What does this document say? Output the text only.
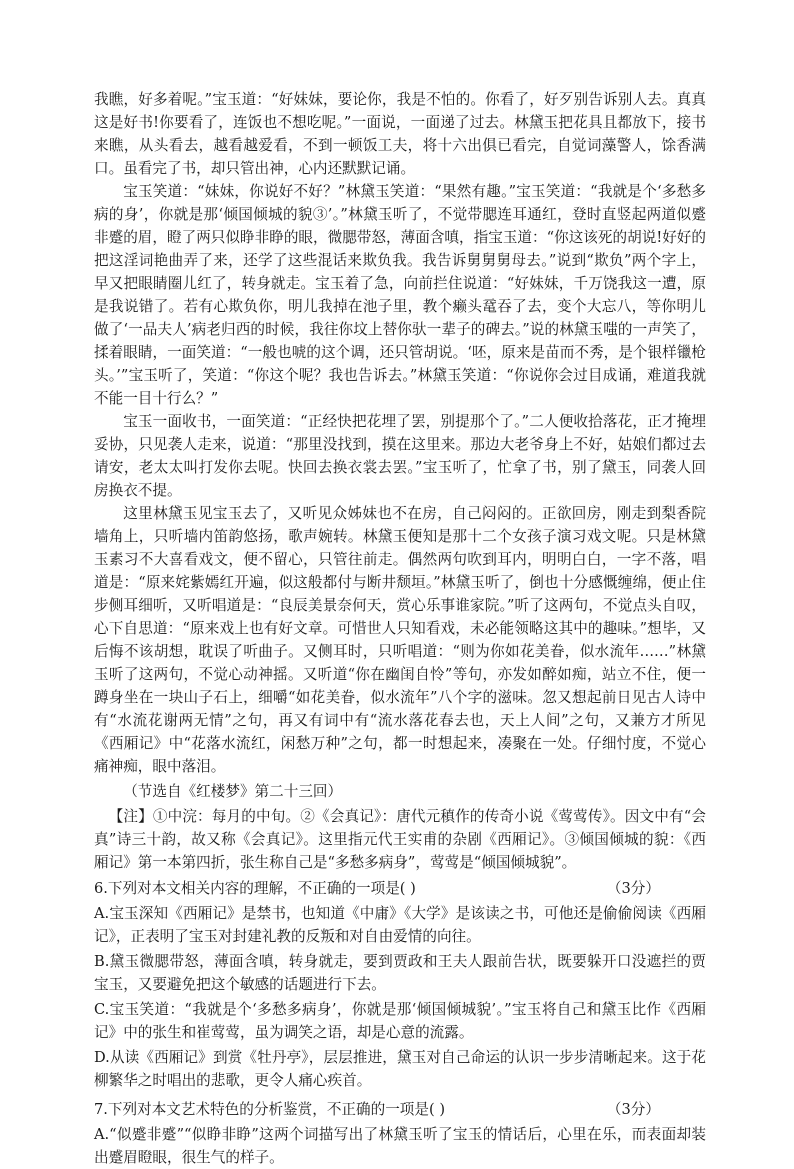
我瞧，好多着呢。”宝玉道：“好妹妹，要论你，我是不怕的。你看了，好歹别告诉别人去。真真这是好书!你要看了，连饭也不想吃呢。”一面说，一面递了过去。林黛玉把花具且都放下，接书来瞧，从头看去，越看越爱看，不到一顿饭工夫，将十六出俱已看完，自觉词藻警人，馀香满口。虽看完了书，却只管出神，心内还默默记诵。

宝玉笑道：“妹妹，你说好不好？”林黛玉笑道：“果然有趣。”宝玉笑道：“我就是个‘多愁多病的身’，你就是那‘倾国倾城的貌③’。”林黛玉听了，不觉带腮连耳通红，登时直竖起两道似蹙非蹙的眉，瞪了两只似睁非睁的眼，微腮带怒，薄面含嗔，指宝玉道：“你这该死的胡说!好好的把这淫词艳曲弄了来，还学了这些混话来欺负我。我告诉舅舅舅母去。”说到“欺负”两个字上，早又把眼睛圈儿红了，转身就走。宝玉着了急，向前拦住说道：“好妹妹，千万饶我这一遭，原是我说错了。若有心欺负你，明儿我掉在池子里，教个癞头鼋吞了去，变个大忘八，等你明儿做了‘一品夫人’病老归西的时候，我往你坟上替你驮一辈子的碑去。”说的林黛玉嗤的一声笑了，揉着眼睛，一面笑道：“一般也唬的这个调，还只管胡说。‘呸，原来是苗而不秀，是个银样镴枪头。’”宝玉听了，笑道：“你这个呢？我也告诉去。”林黛玉笑道：“你说你会过目成诵，难道我就不能一目十行么？”

宝玉一面收书，一面笑道：“正经快把花埋了罢，别提那个了。”二人便收拾落花，正才掩埋妥协，只见袭人走来，说道：“那里没找到，摸在这里来。那边大老爷身上不好，姑娘们都过去请安，老太太叫打发你去呢。快回去换衣裳去罢。”宝玉听了，忙拿了书，别了黛玉，同袭人回房换衣不提。

这里林黛玉见宝玉去了，又听见众姊妹也不在房，自己闷闷的。正欲回房，刚走到梨香院墙角上，只听墙内笛韵悠扬，歌声婉转。林黛玉便知是那十二个女孩子演习戏文呢。只是林黛玉素习不大喜看戏文，便不留心，只管往前走。偶然两句吹到耳内，明明白白，一字不落，唱道是：“原来姹紫嫣红开遍，似这般都付与断井颓垣。”林黛玉听了，倒也十分感慨缠绵，便止住步侧耳细听，又听唱道是：“良辰美景奈何天，赏心乐事谁家院。”听了这两句，不觉点头自叹，心下自思道：“原来戏上也有好文章。可惜世人只知看戏，未必能领略这其中的趣味。”想毕，又后悔不该胡想，耽误了听曲子。又侧耳时，只听唱道：“则为你如花美眷，似水流年……”林黛玉听了这两句，不觉心动神摇。又听道“你在幽闺自怜”等句，亦发如醉如痴，站立不住，便一蹲身坐在一块山子石上，细嚼“如花美眷，似水流年”八个字的滋味。忽又想起前日见古人诗中有“水流花谢两无情”之句，再又有词中有“流水落花春去也，天上人间”之句，又兼方才所见《西厢记》中“花落水流红，闲愁万种”之句，都一时想起来，凑聚在一处。仔细忖度，不觉心痛神痴，眼中落泪。

（节选自《红楼梦》第二十三回）

【注】①中浣：每月的中旬。②《会真记》：唐代元稹作的传奇小说《莺莺传》。因文中有“会真”诗三十韵，故又称《会真记》。这里指元代王实甫的杂剧《西厢记》。③倾国倾城的貌：《西厢记》第一本第四折，张生称自己是“多愁多病身”，莺莺是“倾国倾城貌”。

6.下列对本文相关内容的理解，不正确的一项是( )	（3分）

A.宝玉深知《西厢记》是禁书，也知道《中庸》《大学》是该读之书，可他还是偷偷阅读《西厢记》，正表明了宝玉对封建礼教的反叛和对自由爱情的向往。

B.黛玉微腮带怒，薄面含嗔，转身就走，要到贾政和王夫人跟前告状，既要躲开口没遮拦的贾宝玉，又要避免把这个敏感的话题进行下去。

C.宝玉笑道：“我就是个‘多愁多病身’，你就是那‘倾国倾城貌’。”宝玉将自己和黛玉比作《西厢记》中的张生和崔莺莺，虽为调笑之语，却是心意的流露。

D.从读《西厢记》到赏《牡丹亭》，层层推进，黛玉对自己命运的认识一步步清晰起来。这于花柳繁华之时唱出的悲歌，更令人痛心疾首。

7.下列对本文艺术特色的分析鉴赏，不正确的一项是( )	（3分）

A.“似蹙非蹙”“似睁非睁”这两个词描写出了林黛玉听了宝玉的情话后，心里在乐，而表面却装出蹙眉瞪眼，很生气的样子。
